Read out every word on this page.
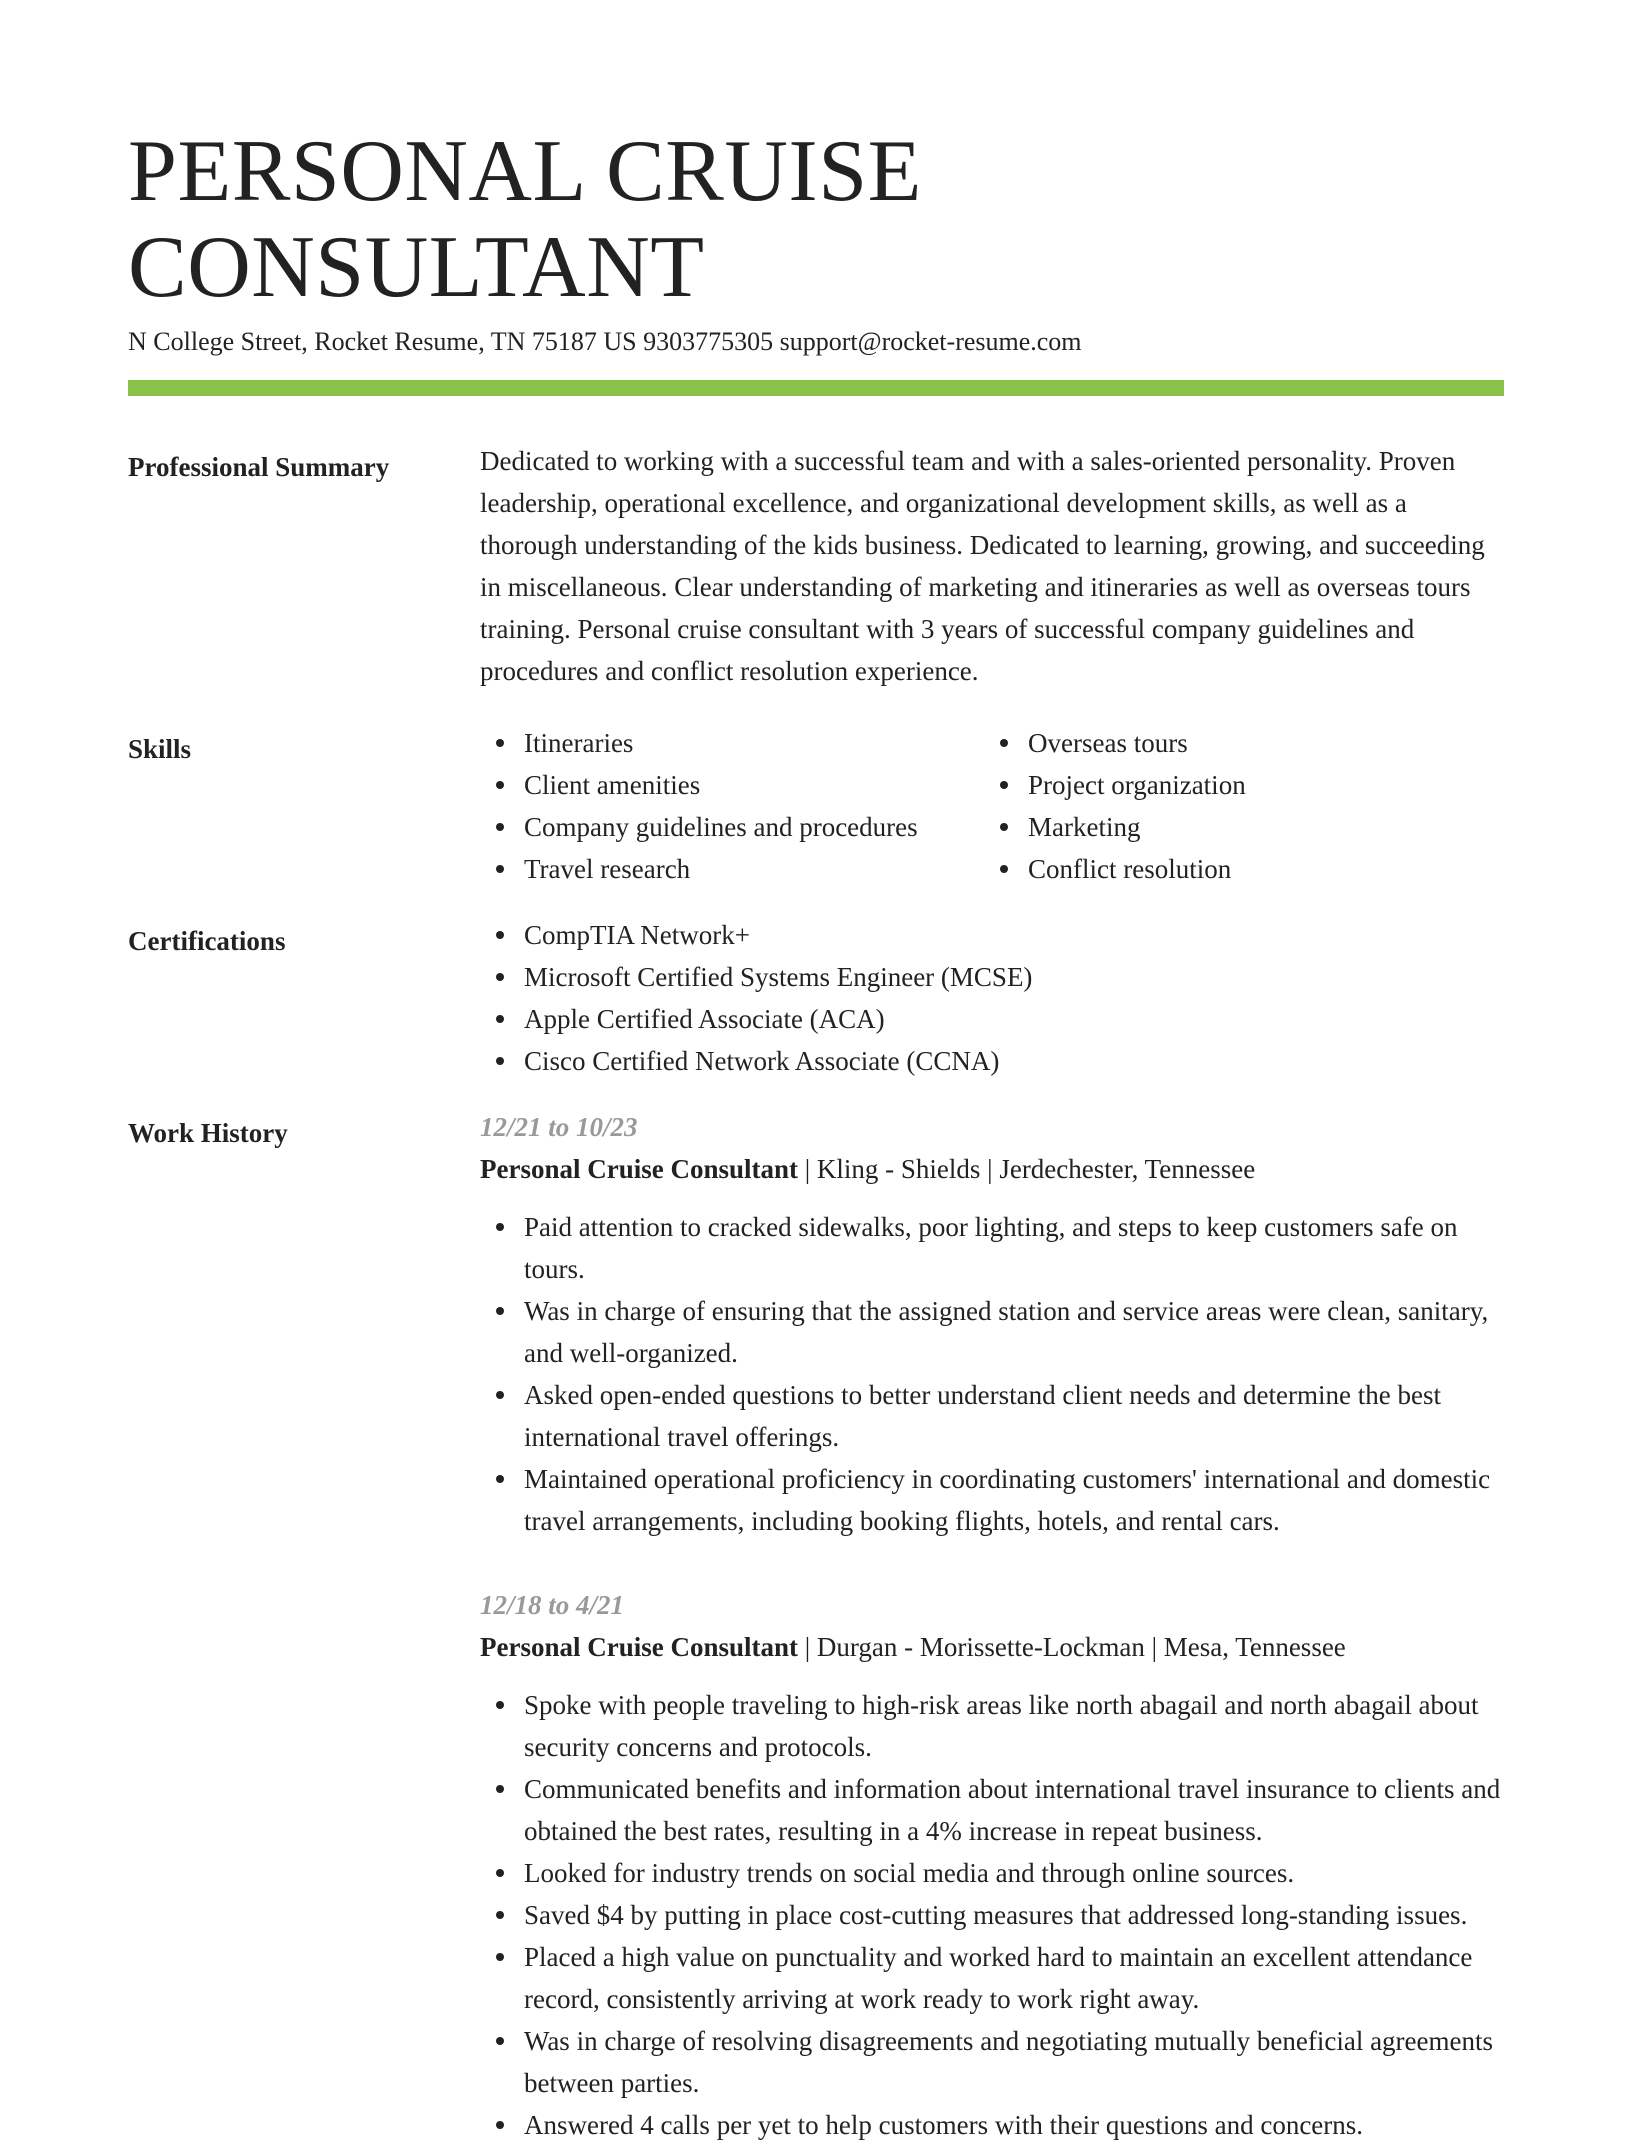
PERSONAL CRUISE CONSULTANT
N College Street, Rocket Resume, TN 75187 US 9303775305 support@rocket-resume.com
Professional Summary	Dedicated to working with a successful team and with a sales-oriented personality. Proven leadership, operational excellence, and organizational development skills, as well as a thorough understanding of the kids business. Dedicated to learning, growing, and succeeding in miscellaneous. Clear understanding of marketing and itineraries as well as overseas tours training. Personal cruise consultant with 3 years of successful company guidelines and procedures and conflict resolution experience.

Skills	Itineraries
Client amenities
Company guidelines and procedures
Travel research
Overseas tours
Project organization
Marketing
Conflict resolution
Certifications	CompTIA Network+
Microsoft Certified Systems Engineer (MCSE)
Apple Certified Associate (ACA)
Cisco Certified Network Associate (CCNA)
Work History	12/21 to 10/23
Personal Cruise Consultant | Kling - Shields | Jerdechester, Tennessee
Paid attention to cracked sidewalks, poor lighting, and steps to keep customers safe on tours.
Was in charge of ensuring that the assigned station and service areas were clean, sanitary, and well-organized.
Asked open-ended questions to better understand client needs and determine the best international travel offerings.
Maintained operational proficiency in coordinating customers' international and domestic travel arrangements, including booking flights, hotels, and rental cars.
12/18 to 4/21
Personal Cruise Consultant | Durgan - Morissette-Lockman | Mesa, Tennessee
Spoke with people traveling to high-risk areas like north abagail and north abagail about security concerns and protocols.
Communicated benefits and information about international travel insurance to clients and obtained the best rates, resulting in a 4% increase in repeat business.
Looked for industry trends on social media and through online sources.
Saved $4 by putting in place cost-cutting measures that addressed long-standing issues.
Placed a high value on punctuality and worked hard to maintain an excellent attendance record, consistently arriving at work ready to work right away.
Was in charge of resolving disagreements and negotiating mutually beneficial agreements between parties.
Answered 4 calls per yet to help customers with their questions and concerns.
